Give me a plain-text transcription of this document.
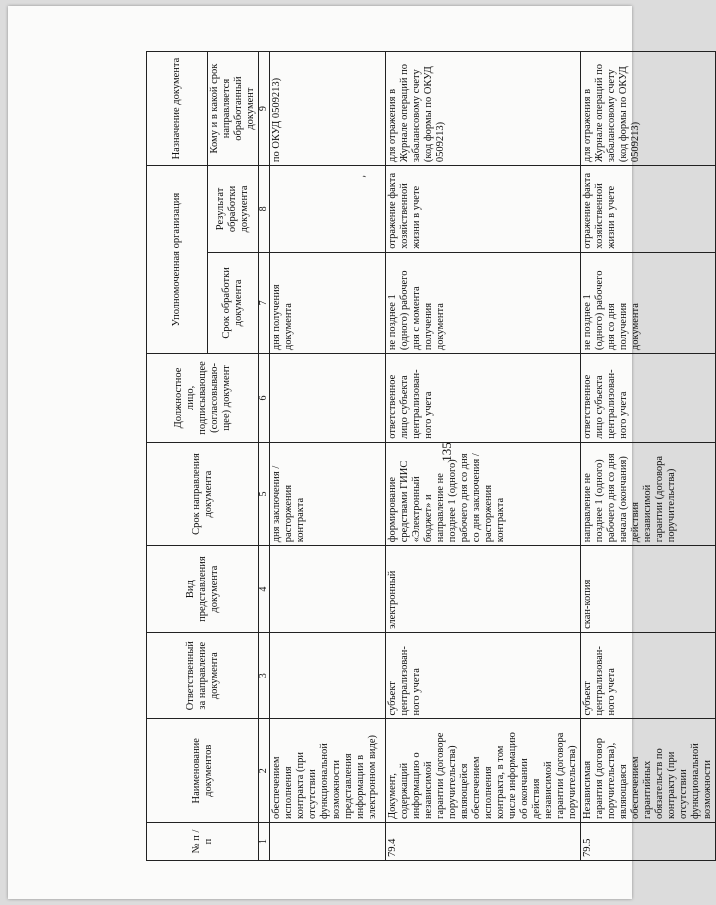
135
ˎ
№ п / п	Наименование документов	Ответственный за направление документа	Вид представления документа	Срок направления документа	Должностное лицо, подписывающее (согласовываю-щее) документ	Уполномоченная организация		Назначение документа
						Срок обработки документа	Результат обработки документа	Кому и в какой срок направляется обработанный документ
1	2	3	4	5	6	7	8	9
	обеспечением исполнения контракта (при отсутствии функциональной возможности представления информации в электронном виде)			дня заключения / расторжения контракта		дня получения документа		по ОКУД 0509213)
79.4	Документ, содержащий информацию о независимой гарантии (договоре поручительства) являющейся обеспечением исполнения контракта, в том числе информацию об окончании действия независимой гарантии (договора поручительства)	субъект централизован-ного учета	электронный	формирование средствами ГИИС «Электронный бюджет» и направление не позднее 1 (одного) рабочего дня со дня со дня заключения / расторжения контракта	ответственное лицо субъекта централизован-ного учета	не позднее 1 (одного) рабочего дня с момента получения документа	отражение факта хозяйственной жизни в учете	для отражения в Журнале операций по забалансовому счету (код формы по ОКУД 0509213)
79.5	Независимая гарантия (договор поручительства), являющаяся обеспечением гарантийных обязательств по контракту (при отсутствии функциональной возможности	субъект централизован-ного учета	скан-копия	направление не позднее 1 (одного) рабочего дня со дня начала (окончания) действия независимой гарантии (договора поручительства)	ответственное лицо субъекта централизован-ного учета	не позднее 1 (одного) рабочего дня со дня получения документа	отражение факта хозяйственной жизни в учете	для отражения в Журнале операций по забалансовому счету (код формы по ОКУД 0509213)
